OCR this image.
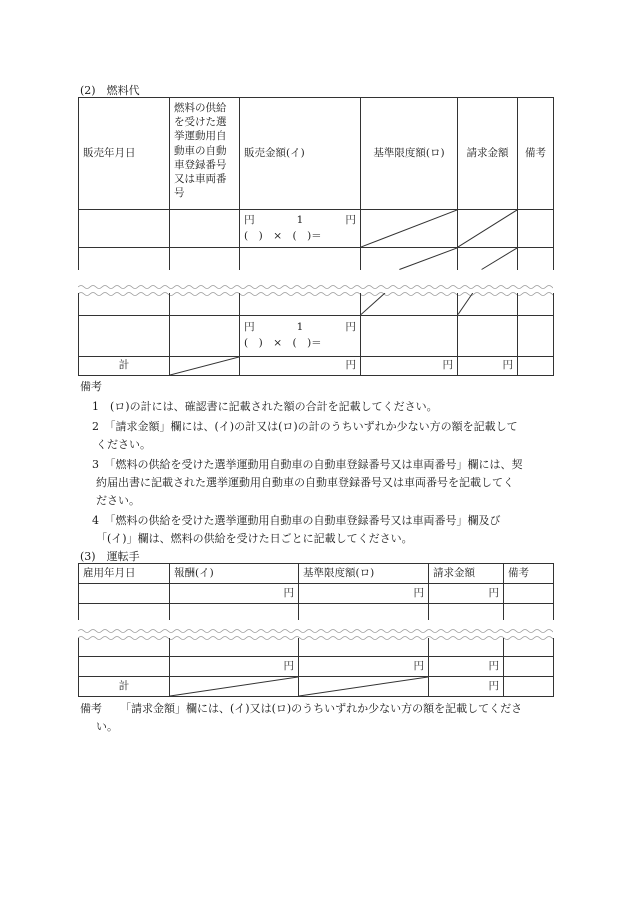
(2)　燃料代
販売年月日	燃料の供給を受けた選挙運動用自動車の自動車登録番号又は車両番号	販売金額(イ)	基準限度額(ロ)	請求金額	備考

		円　　　　1　　　　円
(　)　×　(　)＝

		円　　　　1　　　　円
(　)　×　(　)＝			

計		円	円	円	
備考
1　(ロ)の計には、確認書に記載された額の合計を記載してください。
2　「請求金額」欄には、(イ)の計又は(ロ)の計のうちいずれか少ない方の額を記載して
ください。
3　「燃料の供給を受けた選挙運動用自動車の自動車登録番号又は車両番号」欄には、契
約届出書に記載された選挙運動用自動車の自動車登録番号又は車両番号を記載してく
ださい。
4　「燃料の供給を受けた選挙運動用自動車の自動車登録番号又は車両番号」欄及び
「(イ)」欄は、燃料の供給を受けた日ごとに記載してください。
(3)　運転手
雇用年月日	報酬(イ)	基準限度額(ロ)	請求金額	備考
	円	円	円	

	円	円	円	
計			円	
備考 「請求金額」欄には、(イ)又は(ロ)のうちいずれか少ない方の額を記載してくださ
い。
